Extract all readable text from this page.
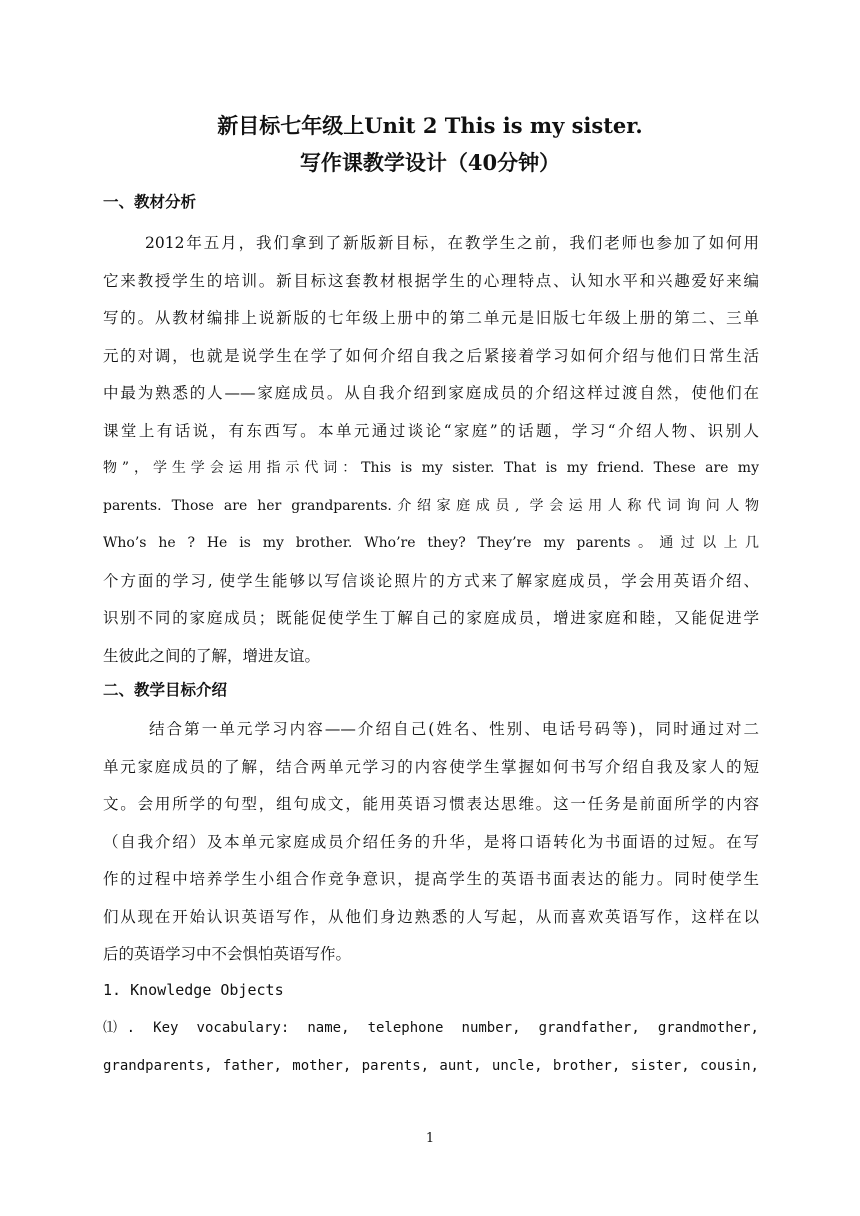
新目标七年级上Unit 2 This is my sister.
写作课教学设计（40分钟）
一、教材分析
2012年五月，我们拿到了新版新目标，在教学生之前，我们老师也参加了如何用
它来教授学生的培训。新目标这套教材根据学生的心理特点、认知水平和兴趣爱好来编
写的。从教材编排上说新版的七年级上册中的第二单元是旧版七年级上册的第二、三单
元的对调，也就是说学生在学了如何介绍自我之后紧接着学习如何介绍与他们日常生活
中最为熟悉的人——家庭成员。从自我介绍到家庭成员的介绍这样过渡自然，使他们在
课堂上有话说，有东西写。本单元通过谈论“家庭”的话题，学习“介绍人物、识别人
物”，学生学会运用指示代词：This is my sister. That is my friend. These are my
parents. Those are her grandparents.介绍家庭成员, 学会运用人称代词询问人物
Who’s he ? He is my brother. Who’re they? They’re my parents。通过以上几
个方面的学习, 使学生能够以写信谈论照片的方式来了解家庭成员，学会用英语介绍、
识别不同的家庭成员；既能促使学生丁解自己的家庭成员，增进家庭和睦，又能促进学
生彼此之间的了解，增进友谊。
二、教学目标介绍
结合第一单元学习内容——介绍自己(姓名、性别、电话号码等)，同时通过对二
单元家庭成员的了解，结合两单元学习的内容使学生掌握如何书写介绍自我及家人的短
文。会用所学的句型，组句成文，能用英语习惯表达思维。这一任务是前面所学的内容
（自我介绍）及本单元家庭成员介绍任务的升华，是将口语转化为书面语的过短。在写
作的过程中培养学生小组合作竞争意识，提高学生的英语书面表达的能力。同时使学生
们从现在开始认识英语写作，从他们身边熟悉的人写起，从而喜欢英语写作，这样在以
后的英语学习中不会惧怕英语写作。
1. Knowledge Objects
⑴. Key vocabulary: name, telephone number, grandfather, grandmother,
grandparents, father, mother, parents, aunt, uncle, brother, sister, cousin,
1
